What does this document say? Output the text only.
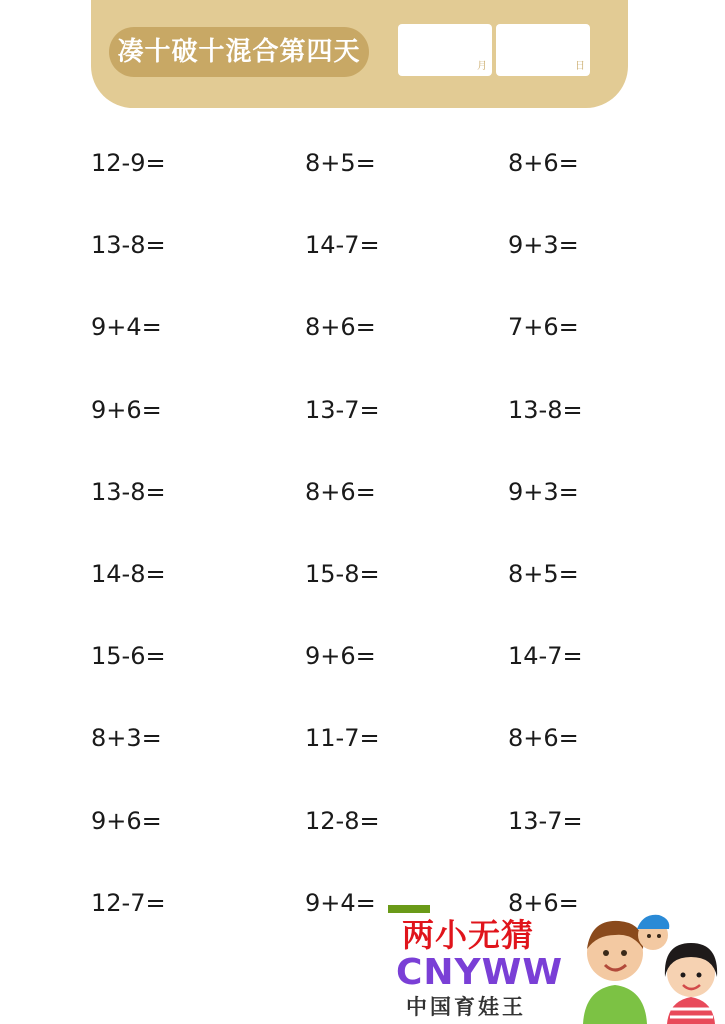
凑十破十混合第四天	月	日
12-9=	8+5=	8+6=
13-8=	14-7=	9+3=
9+4=	8+6=	7+6=
9+6=	13-7=	13-8=
13-8=	8+6=	9+3=
14-8=	15-8=	8+5=
15-6=	9+6=	14-7=
8+3=	11-7=	8+6=
9+6=	12-8=	13-7=
12-7=	9+4=	8+6=
两小无猜
CNYWW
中国育娃王
